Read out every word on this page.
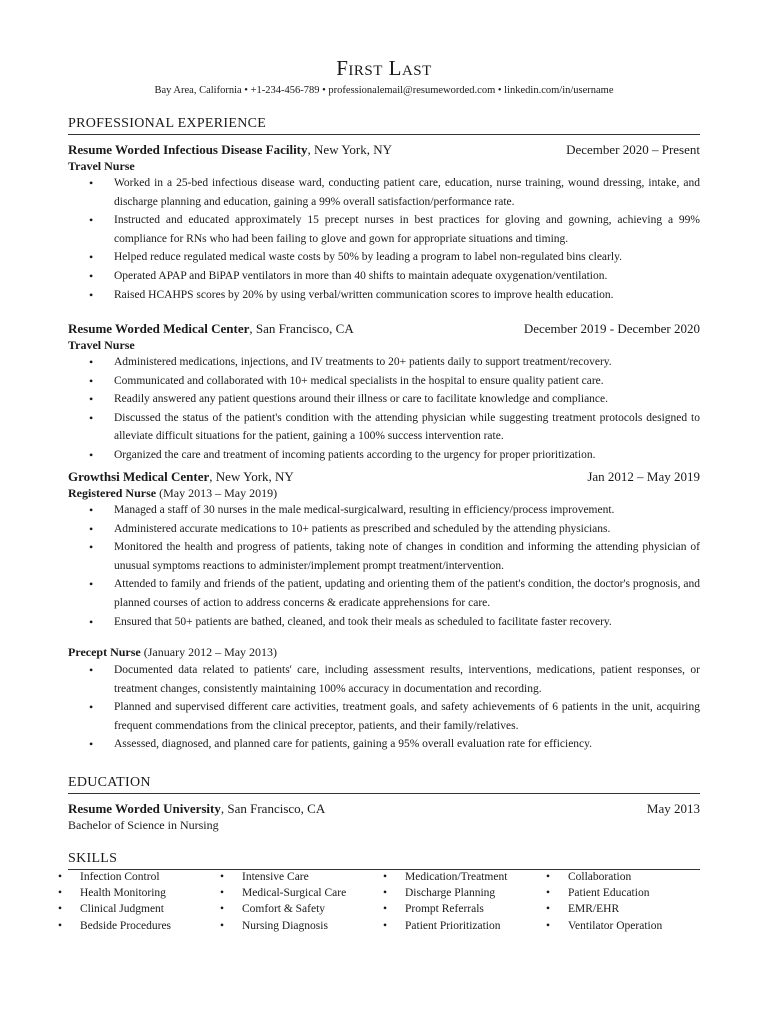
First Last
Bay Area, California • +1-234-456-789 • professionalemail@resumeworded.com • linkedin.com/in/username
PROFESSIONAL EXPERIENCE
Resume Worded Infectious Disease Facility, New York, NY	December 2020 – Present
Travel Nurse
• Worked in a 25-bed infectious disease ward, conducting patient care, education, nurse training, wound dressing, intake, and discharge planning and education, gaining a 99% overall satisfaction/performance rate.
• Instructed and educated approximately 15 precept nurses in best practices for gloving and gowning, achieving a 99% compliance for RNs who had been failing to glove and gown for appropriate situations and timing.
• Helped reduce regulated medical waste costs by 50% by leading a program to label non-regulated bins clearly.
• Operated APAP and BiPAP ventilators in more than 40 shifts to maintain adequate oxygenation/ventilation.
• Raised HCAHPS scores by 20% by using verbal/written communication scores to improve health education.
Resume Worded Medical Center, San Francisco, CA	December 2019 - December 2020
Travel Nurse
• Administered medications, injections, and IV treatments to 20+ patients daily to support treatment/recovery.
• Communicated and collaborated with 10+ medical specialists in the hospital to ensure quality patient care.
• Readily answered any patient questions around their illness or care to facilitate knowledge and compliance.
• Discussed the status of the patient's condition with the attending physician while suggesting treatment protocols designed to alleviate difficult situations for the patient, gaining a 100% success intervention rate.
• Organized the care and treatment of incoming patients according to the urgency for proper prioritization.
Growthsi Medical Center, New York, NY	Jan 2012 – May 2019
Registered Nurse (May 2013 – May 2019)
• Managed a staff of 30 nurses in the male medical-surgicalward, resulting in efficiency/process improvement.
• Administered accurate medications to 10+ patients as prescribed and scheduled by the attending physicians.
• Monitored the health and progress of patients, taking note of changes in condition and informing the attending physician of unusual symptoms reactions to administer/implement prompt treatment/intervention.
• Attended to family and friends of the patient, updating and orienting them of the patient's condition, the doctor's prognosis, and planned courses of action to address concerns & eradicate apprehensions for care.
• Ensured that 50+ patients are bathed, cleaned, and took their meals as scheduled to facilitate faster recovery.
Precept Nurse (January 2012 – May 2013)
• Documented data related to patients' care, including assessment results, interventions, medications, patient responses, or treatment changes, consistently maintaining 100% accuracy in documentation and recording.
• Planned and supervised different care activities, treatment goals, and safety achievements of 6 patients in the unit, acquiring frequent commendations from the clinical preceptor, patients, and their family/relatives.
• Assessed, diagnosed, and planned care for patients, gaining a 95% overall evaluation rate for efficiency.
EDUCATION
Resume Worded University, San Francisco, CA	May 2013
Bachelor of Science in Nursing
SKILLS
• Infection Control
• Health Monitoring
• Clinical Judgment
• Bedside Procedures
• Intensive Care
• Medical-Surgical Care
• Comfort & Safety
• Nursing Diagnosis
• Medication/Treatment
• Discharge Planning
• Prompt Referrals
• Patient Prioritization
• Collaboration
• Patient Education
• EMR/EHR
• Ventilator Operation
